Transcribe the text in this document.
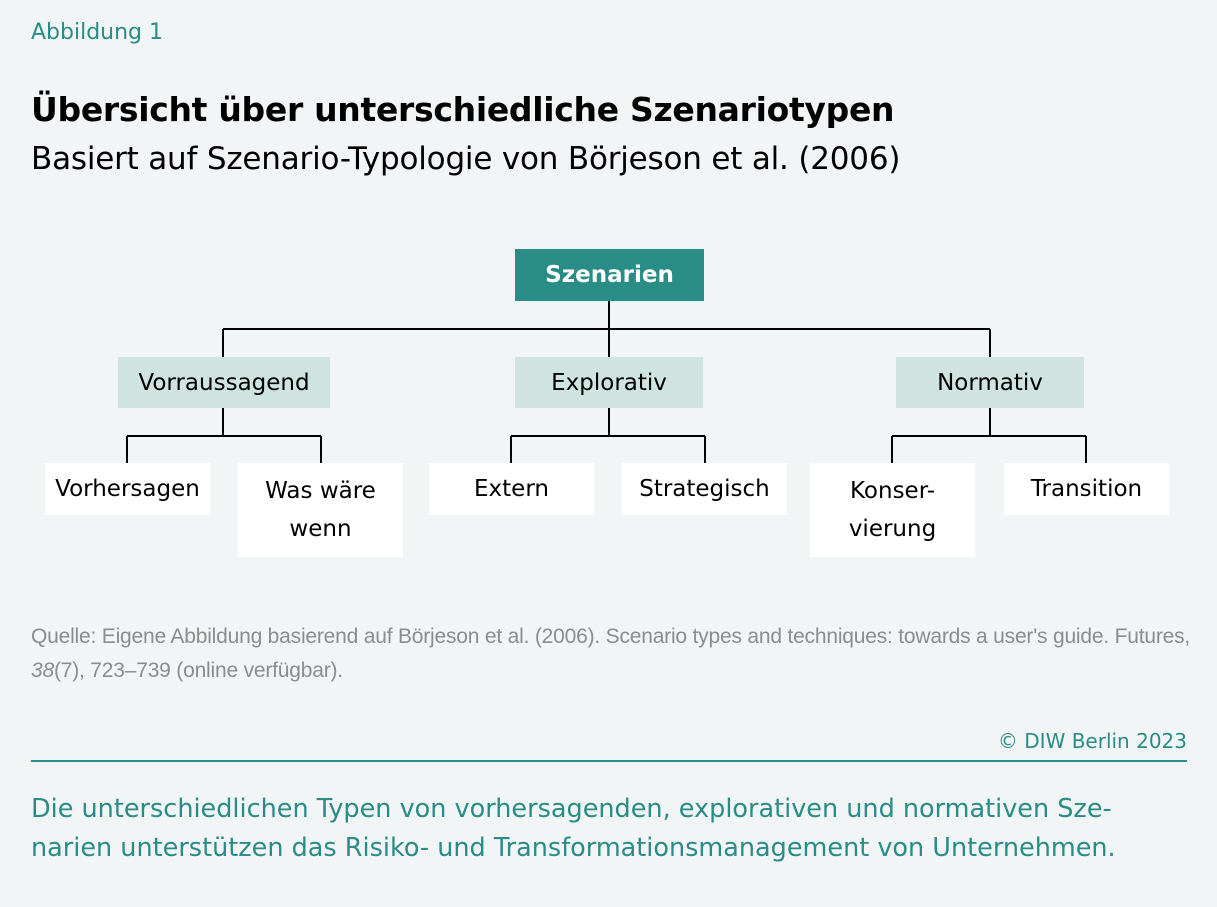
Abbildung 1
Übersicht über unterschiedliche Szenariotypen
Basiert auf Szenario-Typologie von Börjeson et al. (2006)
Szenarien
Vorraussagend	Explorativ	Normativ
Vorhersagen	Was wäre
wenn
Extern	Strategisch	Konser-
vierung
Transition
Quelle: Eigene Abbildung basierend auf Börjeson et al. (2006). Scenario types and techniques: towards a user's guide. Futures, 38(7), 723–739 (online verfügbar).
© DIW Berlin 2023
Die unterschiedlichen Typen von vorhersagenden, explorativen und normativen Sze-
narien unterstützen das Risiko- und Transformationsmanagement von Unternehmen.
